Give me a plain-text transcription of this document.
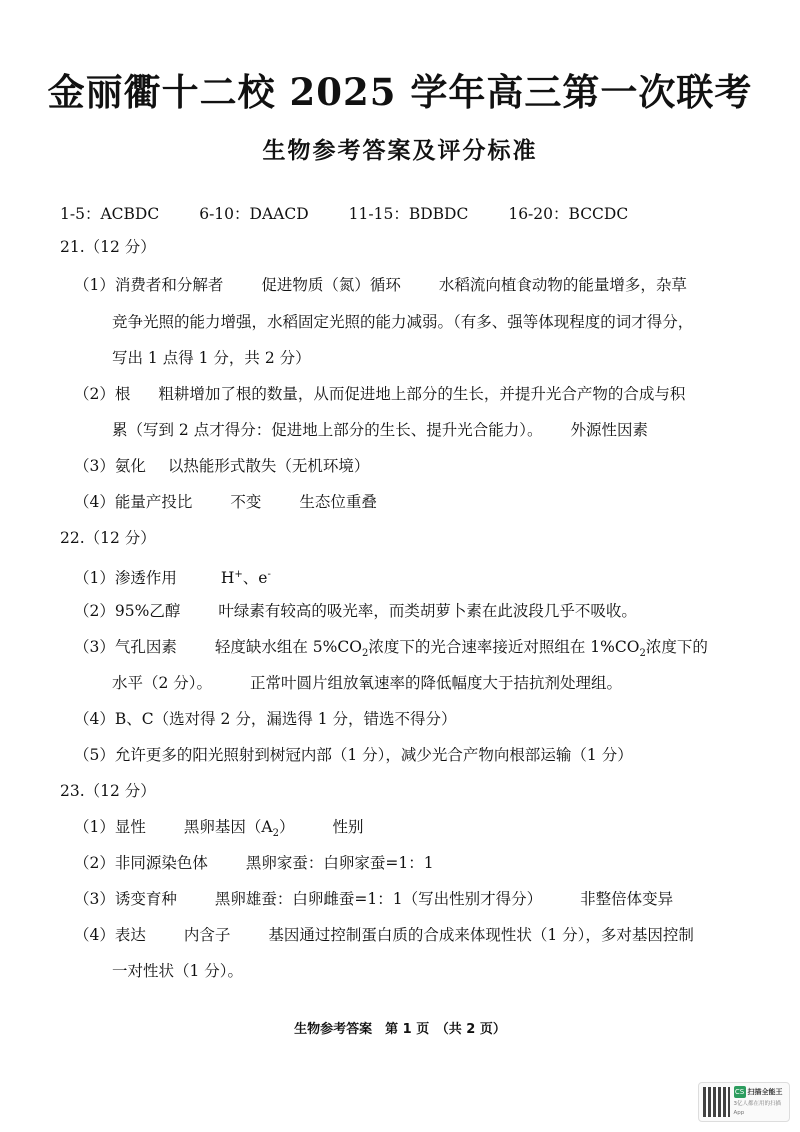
金丽衢十二校 2025 学年高三第一次联考
生物参考答案及评分标准
1-5：ACBDC	6-10：DAACD	11-15：BDBDC	16-20：BCCDC
21.（12 分）
（1）消费者和分解者 促进物质（氮）循环 水稻流向植食动物的能量增多，杂草
竞争光照的能力增强，水稻固定光照的能力减弱。（有多、强等体现程度的词才得分，
写出 1 点得 1 分，共 2 分）
（2）根 粗耕增加了根的数量，从而促进地上部分的生长，并提升光合产物的合成与积
累（写到 2 点才得分：促进地上部分的生长、提升光合能力）。 外源性因素
（3）氨化 以热能形式散失（无机环境）
（4）能量产投比 不变 生态位重叠
22.（12 分）
（1）渗透作用	H+、e-
（2）95%乙醇 叶绿素有较高的吸光率，而类胡萝卜素在此波段几乎不吸收。
（3）气孔因素 轻度缺水组在 $5\%CO_2$浓度下的光合速率接近对照组在 $1\%CO_2$浓度下的
水平（2 分）。 正常叶圆片组放氧速率的降低幅度大于拮抗剂处理组。
（4）B、C（选对得 2 分，漏选得 1 分，错选不得分）
（5）允许更多的阳光照射到树冠内部（1 分），减少光合产物向根部运输（1 分）
23.（12 分）
（1）显性 黑卵基因$(A_2)$ 性别
（2）非同源染色体 黑卵家蚕：白卵家蚕=1：1
（3）诱变育种 黑卵雄蚕：白卵雌蚕=1：1（写出性别才得分） 非整倍体变异
（4）表达 内含子 基因通过控制蛋白质的合成来体现性状（1 分），多对基因控制
一对性状（1 分）。
生物参考答案　第 1 页　（共 2 页）
CS 扫描全能王
3亿人都在用的扫描App
